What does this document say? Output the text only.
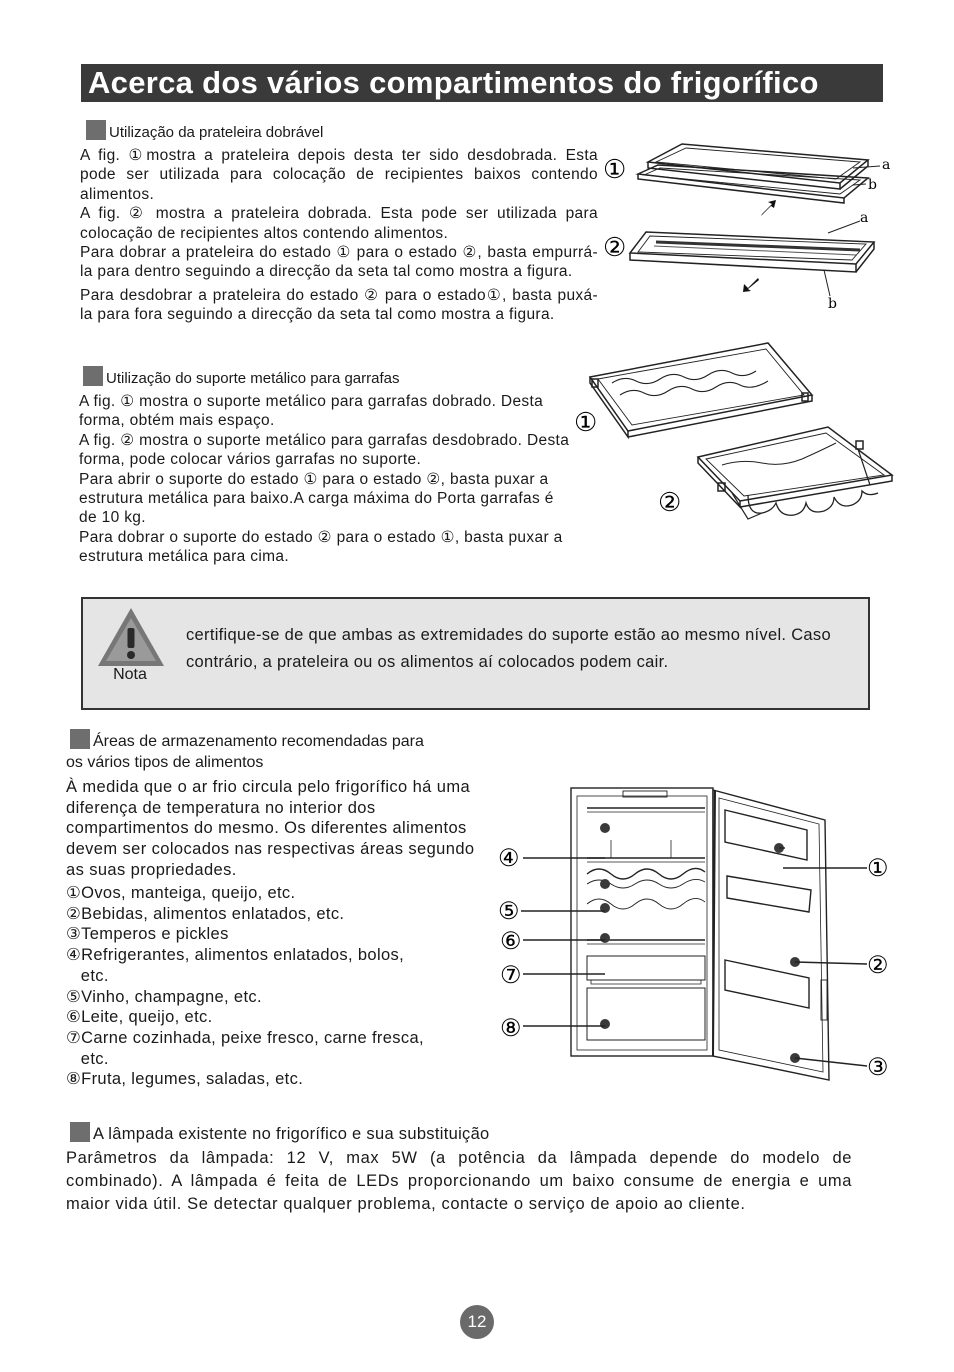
Acerca dos vários compartimentos do frigorífico
Utilização da prateleira dobrável

A fig. ①mostra a prateleira depois desta ter sido desdobrada. Esta pode ser utilizada para colocação de recipientes baixos contendo alimentos.

A fig. ② mostra a prateleira dobrada. Esta pode ser utilizada para colocação de recipientes altos contendo alimentos.

Para dobrar a prateleira do estado ① para o estado ②, basta empurrá-la para dentro seguindo a direcção da seta tal como mostra a figura.

Para desdobrar a prateleira do estado ② para o estado①, basta puxá-la para fora seguindo a direcção da seta tal como mostra a figura.

a
b
①
a
b
②
Utilização do suporte metálico para garrafas

A fig. ① mostra o suporte metálico para garrafas dobrado. Desta forma, obtém mais espaço.

A fig. ② mostra o suporte metálico para garrafas desdobrado. Desta forma, pode colocar vários garrafas no suporte.

Para abrir o suporte do estado ① para o estado ②, basta puxar a estrutura metálica para baixo.A carga máxima do Porta garrafas é de 10 kg.

Para dobrar o suporte do estado ② para o estado ①, basta puxar a estrutura metálica para cima.

①
②
Nota
certifique-se de que ambas as extremidades do suporte estão ao mesmo nível. Caso contrário, a prateleira ou os alimentos aí colocados podem cair.
Áreas de armazenamento recomendadas para
os vários tipos de alimentos
À medida que o ar frio circula pelo frigorífico há uma diferença de temperatura no interior dos compartimentos do mesmo. Os diferentes alimentos devem ser colocados nas respectivas áreas segundo as suas propriedades.
①Ovos, manteiga, queijo, etc.
②Bebidas, alimentos enlatados, etc.
③Temperos e pickles
④Refrigerantes, alimentos enlatados, bolos,
etc.
⑤Vinho, champagne, etc.
⑥Leite, queijo, etc.
⑦Carne cozinhada, peixe fresco, carne fresca,
etc.
⑧Fruta, legumes, saladas, etc.
④
⑤
⑥
⑦
⑧
①
②
③
A lâmpada existente no frigorífico e sua substituição
Parâmetros da lâmpada: 12 V, max 5W (a potência da lâmpada depende do modelo de combinado). A lâmpada é feita de LEDs proporcionando um baixo consume de energia e uma maior vida útil. Se detectar qualquer problema, contacte o serviço de apoio ao cliente.
12
